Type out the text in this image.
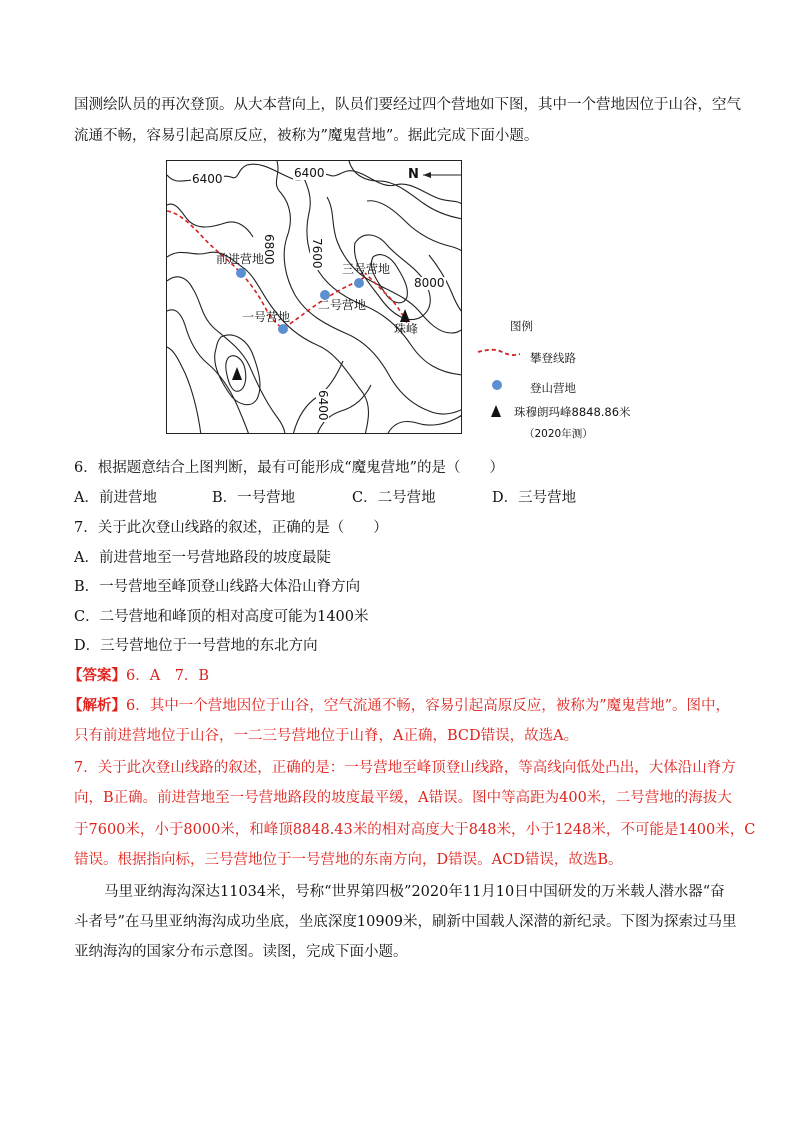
国测绘队员的再次登顶。从大本营向上，队员们要经过四个营地如下图，其中一个营地因位于山谷，空气
流通不畅，容易引起高原反应，被称为”魔鬼营地”。据此完成下面小题。
6400	6400
6800	7600
8000
6400
N
前进营地
一号营地
二号营地
三号营地
珠峰	图例
攀登线路
登山营地
珠穆朗玛峰8848.86米
（2020年测）
6．根据题意结合上图判断，最有可能形成“魔鬼营地”的是（　　）
A．前进营地	B．一号营地	C．二号营地	D．三号营地
7．关于此次登山线路的叙述，正确的是（　　）
A．前进营地至一号营地路段的坡度最陡
B．一号营地至峰顶登山线路大体沿山脊方向
C．二号营地和峰顶的相对高度可能为1400米
D．三号营地位于一号营地的东北方向
【答案】6．A　7．B
【解析】6．其中一个营地因位于山谷，空气流通不畅，容易引起高原反应，被称为”魔鬼营地”。图中，
只有前进营地位于山谷，一二三号营地位于山脊，A正确，BCD错误，故选A。
7．关于此次登山线路的叙述，正确的是：一号营地至峰顶登山线路，等高线向低处凸出，大体沿山脊方
向，B正确。前进营地至一号营地路段的坡度最平缓，A错误。图中等高距为400米，二号营地的海拔大
于7600米，小于8000米，和峰顶8848.43米的相对高度大于848米，小于1248米，不可能是1400米，C
错误。根据指向标，三号营地位于一号营地的东南方向，D错误。ACD错误，故选B。
马里亚纳海沟深达11034米，号称“世界第四极”2020年11月10日中国研发的万米载人潜水器“奋
斗者号”在马里亚纳海沟成功坐底，坐底深度10909米，刷新中国载人深潜的新纪录。下图为探索过马里
亚纳海沟的国家分布示意图。读图，完成下面小题。
